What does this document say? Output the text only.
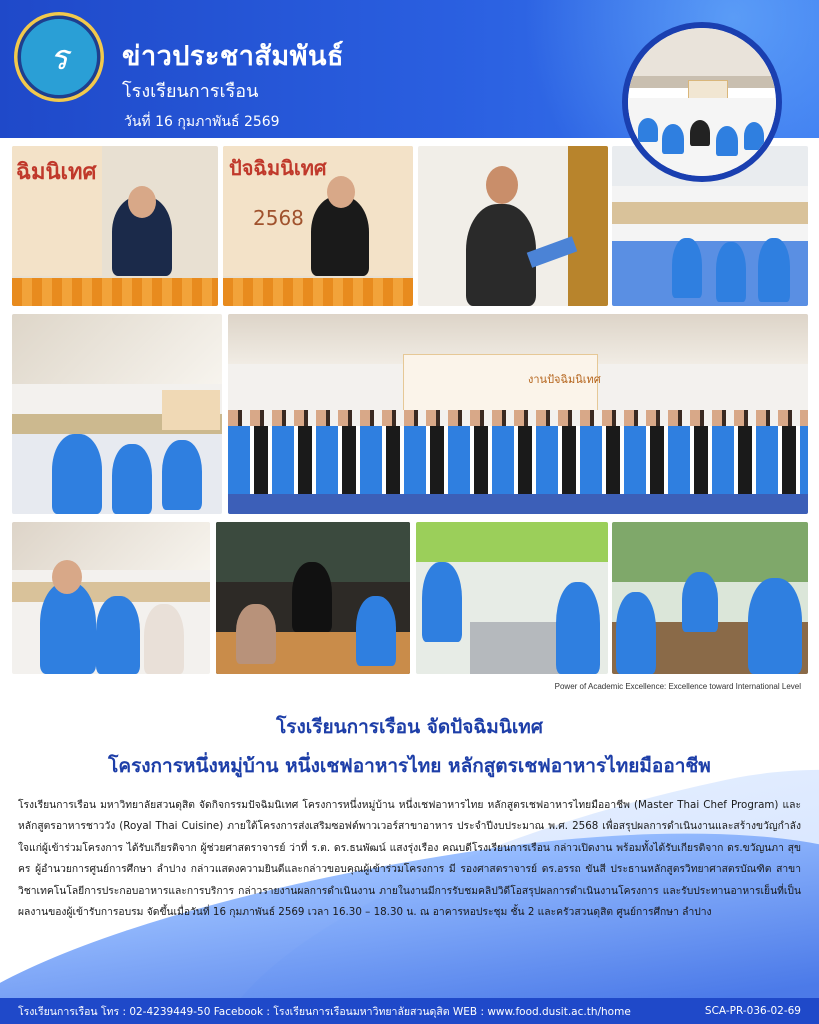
ร	ข่าวประชาสัมพันธ์
โรงเรียนการเรือน
วันที่ 16 กุมภาพันธ์ 2569
ฉิมนิเทศ	ปัจฉิมนิเทศ
2568
งานปัจฉิมนิเทศ
Power of Academic Excellence: Excellence toward International Level
โรงเรียนการเรือน จัดปัจฉิมนิเทศ
โครงการหนึ่งหมู่บ้าน หนึ่งเชฟอาหารไทย หลักสูตรเชฟอาหารไทยมืออาชีพ
โรงเรียนการเรือน มหาวิทยาลัยสวนดุสิต จัดกิจกรรมปัจฉิมนิเทศ โครงการหนึ่งหมู่บ้าน หนึ่งเชฟอาหารไทย หลักสูตรเชฟอาหารไทยมืออาชีพ (Master Thai Chef Program) และ หลักสูตรอาหารชาววัง (Royal Thai Cuisine) ภายใต้โครงการส่งเสริมซอฟต์พาวเวอร์สาขาอาหาร ประจำปีงบประมาณ พ.ศ. 2568 เพื่อสรุปผลการดำเนินงานและสร้างขวัญกำลังใจแก่ผู้เข้าร่วมโครงการ ได้รับเกียรติจาก ผู้ช่วยศาสตราจารย์ ว่าที่ ร.ต. ดร.ธนพัฒน์ แสงรุ่งเรือง คณบดีโรงเรียนการเรือน กล่าวเปิดงาน พร้อมทั้งได้รับเกียรติจาก ดร.ขวัญนภา สุขคร ผู้อำนวยการศูนย์การศึกษา ลำปาง กล่าวแสดงความยินดีและกล่าวขอบคุณผู้เข้าร่วมโครงการ มี รองศาสตราจารย์ ดร.อรรถ ขันสี ประธานหลักสูตรวิทยาศาสตรบัณฑิต สาขาวิชาเทคโนโลยีการประกอบอาหารและการบริการ กล่าวรายงานผลการดำเนินงาน ภายในงานมีการรับชมคลิปวิดีโอสรุปผลการดำเนินงานโครงการ และรับประทานอาหารเย็นที่เป็นผลงานของผู้เข้ารับการอบรม จัดขึ้นเมื่อวันที่ 16 กุมภาพันธ์ 2569 เวลา 16.30 – 18.30 น. ณ อาคารหอประชุม ชั้น 2 และครัวสวนดุสิต ศูนย์การศึกษา ลำปาง
โรงเรียนการเรือน โทร : 02-4239449-50 Facebook : โรงเรียนการเรือนมหาวิทยาลัยสวนดุสิต WEB : www.food.dusit.ac.th/home	SCA-PR-036-02-69
